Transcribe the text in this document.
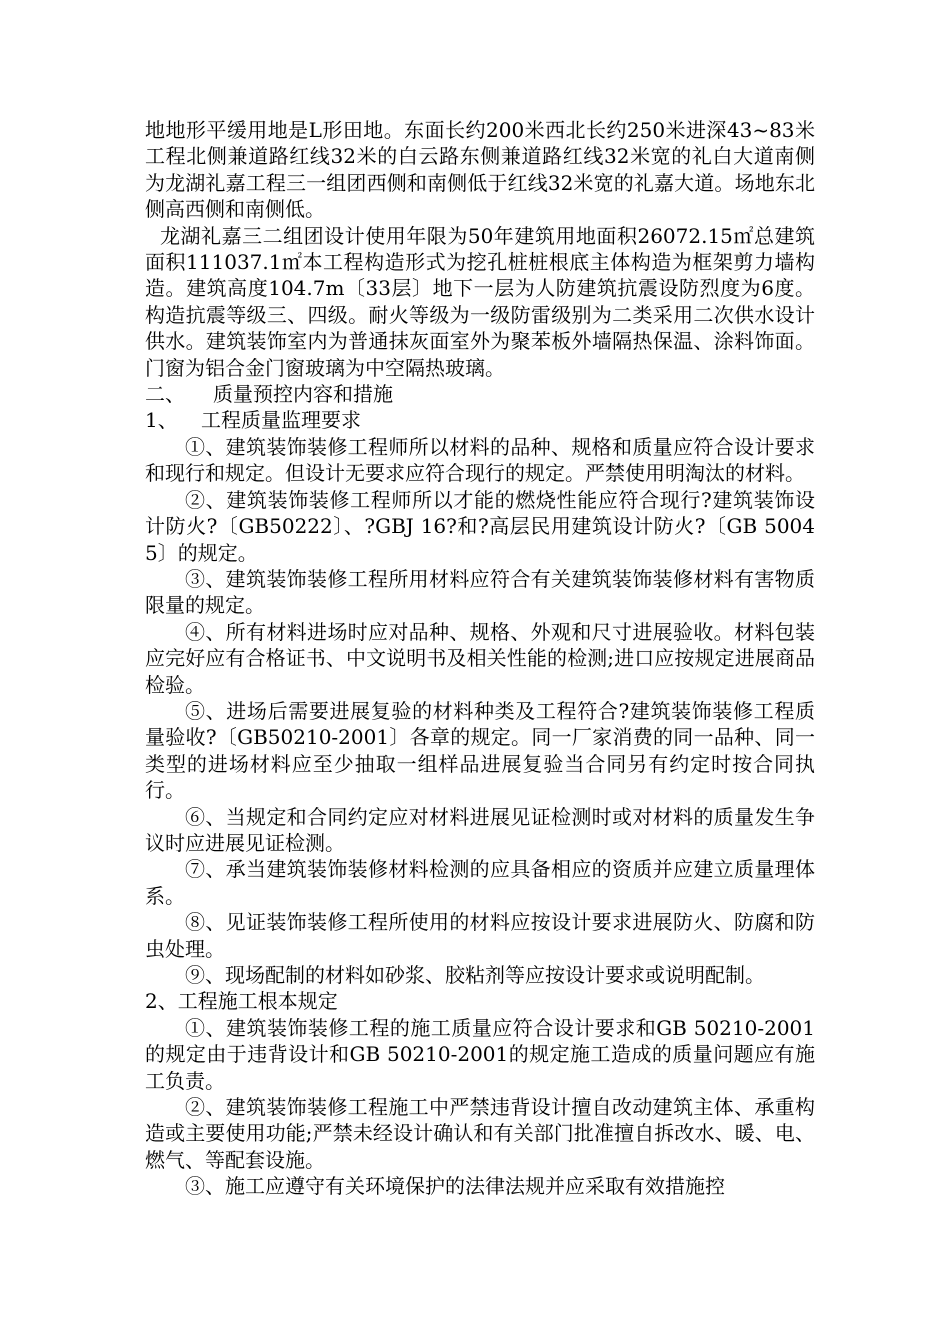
地地形平缓用地是L形田地。东面长约200米西北长约250米进深43~83米工程北侧兼道路红线32米的白云路东侧兼道路红线32米宽的礼白大道南侧为龙湖礼嘉工程三一组团西侧和南侧低于红线32米宽的礼嘉大道。场地东北侧高西侧和南侧低。

龙湖礼嘉三二组团设计使用年限为50年建筑用地面积26072.15㎡总建筑面积111037.1㎡本工程构造形式为挖孔桩桩根底主体构造为框架剪力墙构造。建筑高度104.7m〔33层〕地下一层为人防建筑抗震设防烈度为6度。构造抗震等级三、四级。耐火等级为一级防雷级别为二类采用二次供水设计供水。建筑装饰室内为普通抹灰面室外为聚苯板外墙隔热保温、涂料饰面。门窗为铝合金门窗玻璃为中空隔热玻璃。

二、 质量预控内容和措施

1、 工程质量监理要求

①、建筑装饰装修工程师所以材料的品种、规格和质量应符合设计要求和现行和规定。但设计无要求应符合现行的规定。严禁使用明淘汰的材料。

②、建筑装饰装修工程师所以才能的燃烧性能应符合现行?建筑装饰设计防火?〔GB50222〕、?GBJ 16?和?高层民用建筑设计防火?〔GB 50045〕的规定。

③、建筑装饰装修工程所用材料应符合有关建筑装饰装修材料有害物质限量的规定。

④、所有材料进场时应对品种、规格、外观和尺寸进展验收。材料包装应完好应有合格证书、中文说明书及相关性能的检测;进口应按规定进展商品检验。

⑤、进场后需要进展复验的材料种类及工程符合?建筑装饰装修工程质量验收?〔GB50210-2001〕各章的规定。同一厂家消费的同一品种、同一类型的进场材料应至少抽取一组样品进展复验当合同另有约定时按合同执行。

⑥、当规定和合同约定应对材料进展见证检测时或对材料的质量发生争议时应进展见证检测。

⑦、承当建筑装饰装修材料检测的应具备相应的资质并应建立质量理体系。

⑧、见证装饰装修工程所使用的材料应按设计要求进展防火、防腐和防虫处理。

⑨、现场配制的材料如砂浆、胶粘剂等应按设计要求或说明配制。

2、工程施工根本规定

①、建筑装饰装修工程的施工质量应符合设计要求和GB 50210-2001的规定由于违背设计和GB 50210-2001的规定施工造成的质量问题应有施工负责。

②、建筑装饰装修工程施工中严禁违背设计擅自改动建筑主体、承重构造或主要使用功能;严禁未经设计确认和有关部门批准擅自拆改水、暖、电、燃气、等配套设施。

③、施工应遵守有关环境保护的法律法规并应采取有效措施控
